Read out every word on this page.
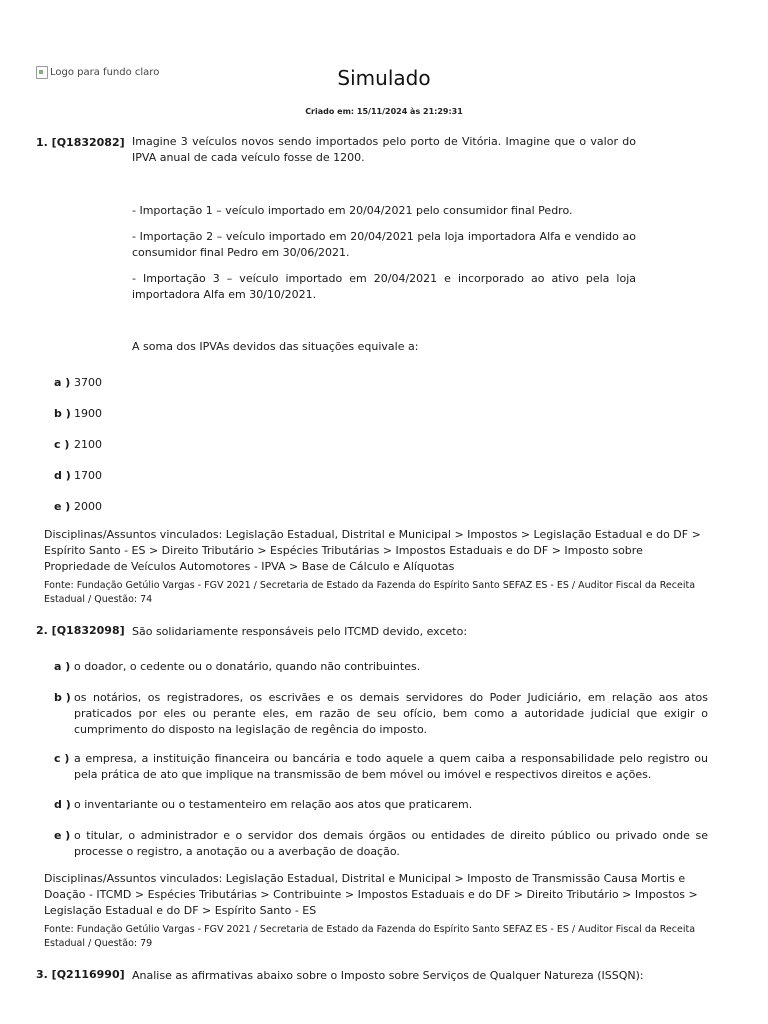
Logo para fundo claro	Simulado
Criado em: 15/11/2024 às 21:29:31
1. [Q1832082] Imagine 3 veículos novos sendo importados pelo porto de Vitória. Imagine que o valor do IPVA anual de cada veículo fosse de 1200.
- Importação 1 – veículo importado em 20/04/2021 pelo consumidor final Pedro.
- Importação 2 – veículo importado em 20/04/2021 pela loja importadora Alfa e vendido ao consumidor final Pedro em 30/06/2021.
- Importação 3 – veículo importado em 20/04/2021 e incorporado ao ativo pela loja importadora Alfa em 30/10/2021.
A soma dos IPVAs devidos das situações equivale a:
a ) 3700
b ) 1900
c ) 2100
d ) 1700
e ) 2000
Disciplinas/Assuntos vinculados: Legislação Estadual, Distrital e Municipal > Impostos > Legislação Estadual e do DF > Espírito Santo - ES > Direito Tributário > Espécies Tributárias > Impostos Estaduais e do DF > Imposto sobre Propriedade de Veículos Automotores - IPVA > Base de Cálculo e Alíquotas
Fonte: Fundação Getúlio Vargas - FGV 2021 / Secretaria de Estado da Fazenda do Espírito Santo SEFAZ ES - ES / Auditor Fiscal da Receita Estadual / Questão: 74
2. [Q1832098] São solidariamente responsáveis pelo ITCMD devido, exceto:
a ) o doador, o cedente ou o donatário, quando não contribuintes.
b ) os notários, os registradores, os escrivães e os demais servidores do Poder Judiciário, em relação aos atos praticados por eles ou perante eles, em razão de seu ofício, bem como a autoridade judicial que exigir o cumprimento do disposto na legislação de regência do imposto.
c ) a empresa, a instituição financeira ou bancária e todo aquele a quem caiba a responsabilidade pelo registro ou pela prática de ato que implique na transmissão de bem móvel ou imóvel e respectivos direitos e ações.
d ) o inventariante ou o testamenteiro em relação aos atos que praticarem.
e ) o titular, o administrador e o servidor dos demais órgãos ou entidades de direito público ou privado onde se processe o registro, a anotação ou a averbação de doação.
Disciplinas/Assuntos vinculados: Legislação Estadual, Distrital e Municipal > Imposto de Transmissão Causa Mortis e Doação - ITCMD > Espécies Tributárias > Contribuinte > Impostos Estaduais e do DF > Direito Tributário > Impostos > Legislação Estadual e do DF > Espírito Santo - ES
Fonte: Fundação Getúlio Vargas - FGV 2021 / Secretaria de Estado da Fazenda do Espírito Santo SEFAZ ES - ES / Auditor Fiscal da Receita Estadual / Questão: 79
3. [Q2116990] Analise as afirmativas abaixo sobre o Imposto sobre Serviços de Qualquer Natureza (ISSQN):
